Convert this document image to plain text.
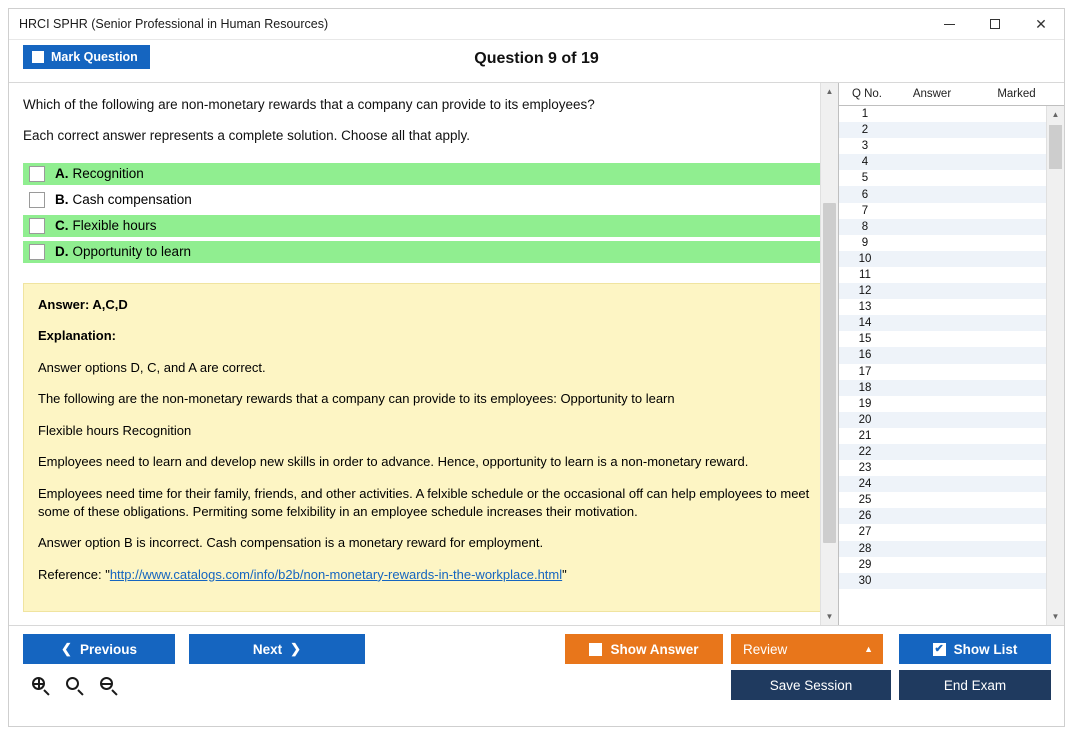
HRCI SPHR (Senior Professional in Human Resources)	✕
Mark Question	Question 9 of 19

Which of the following are non-monetary rewards that a company can provide to its employees?

Each correct answer represents a complete solution. Choose all that apply.

A. Recognition
B. Cash compensation
C. Flexible hours
D. Opportunity to learn

Answer: A,C,D

Explanation:

Answer options D, C, and A are correct.

The following are the non-monetary rewards that a company can provide to its employees: Opportunity to learn

Flexible hours Recognition

Employees need to learn and develop new skills in order to advance. Hence, opportunity to learn is a non-monetary reward.

Employees need time for their family, friends, and other activities. A felxible schedule or the occasional off can help employees to meet some of these obligations. Permiting some felxibility in an employee schedule increases their motivation.

Answer option B is incorrect. Cash compensation is a monetary reward for employment.

Reference: "http://www.catalogs.com/info/b2b/non-monetary-rewards-in-the-workplace.html"

▲
▼
Q No.	Answer	Marked
1
2
3
4
5
6
7
8
9
10
11
12
13
14
15
16
17
18
19
20
21
22
23
24
25
26
27
28
29
30
▲
▼
❮ Previous	Next ❯	Show Answer	Review	▲	✔ Show List
Save Session	End Exam
